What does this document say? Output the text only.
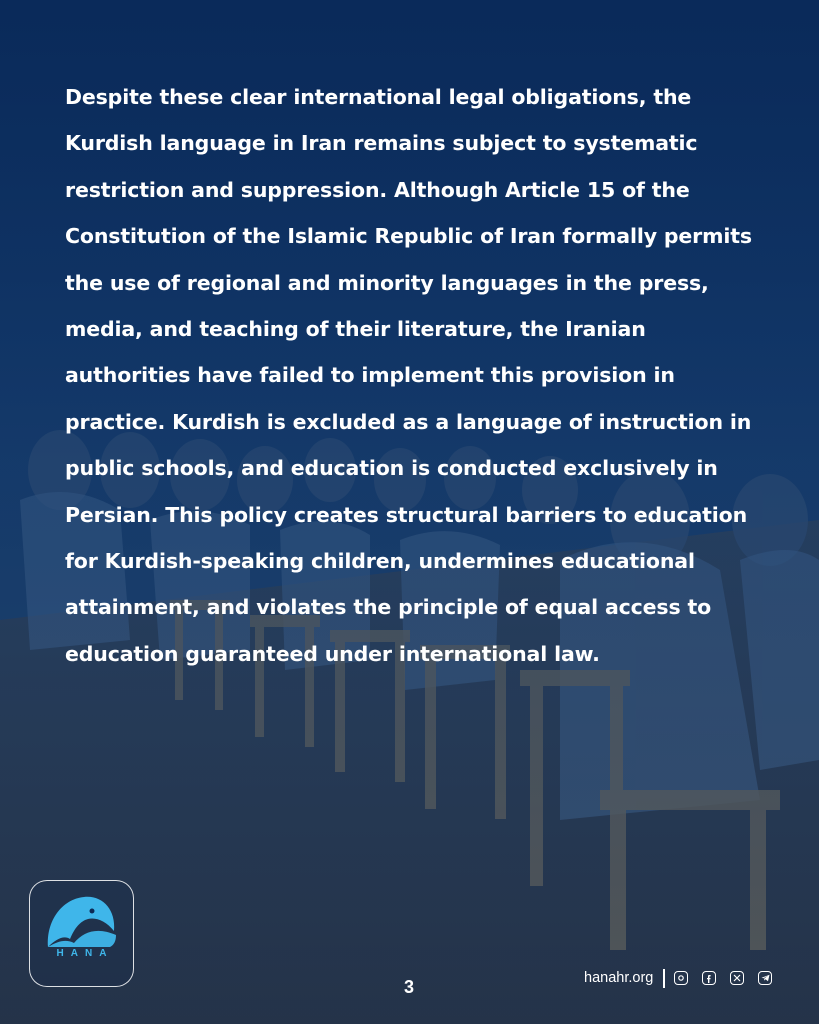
Despite these clear international legal obligations, the
Kurdish language in Iran remains subject to systematic
restriction and suppression. Although Article 15 of the
Constitution of the Islamic Republic of Iran formally permits
the use of regional and minority languages in the press,
media, and teaching of their literature, the Iranian
authorities have failed to implement this provision in
practice. Kurdish is excluded as a language of instruction in
public schools, and education is conducted exclusively in
Persian. This policy creates structural barriers to education
for Kurdish-speaking children, undermines educational
attainment, and violates the principle of equal access to
education guaranteed under international law.
HANA
3	hanahr.org
